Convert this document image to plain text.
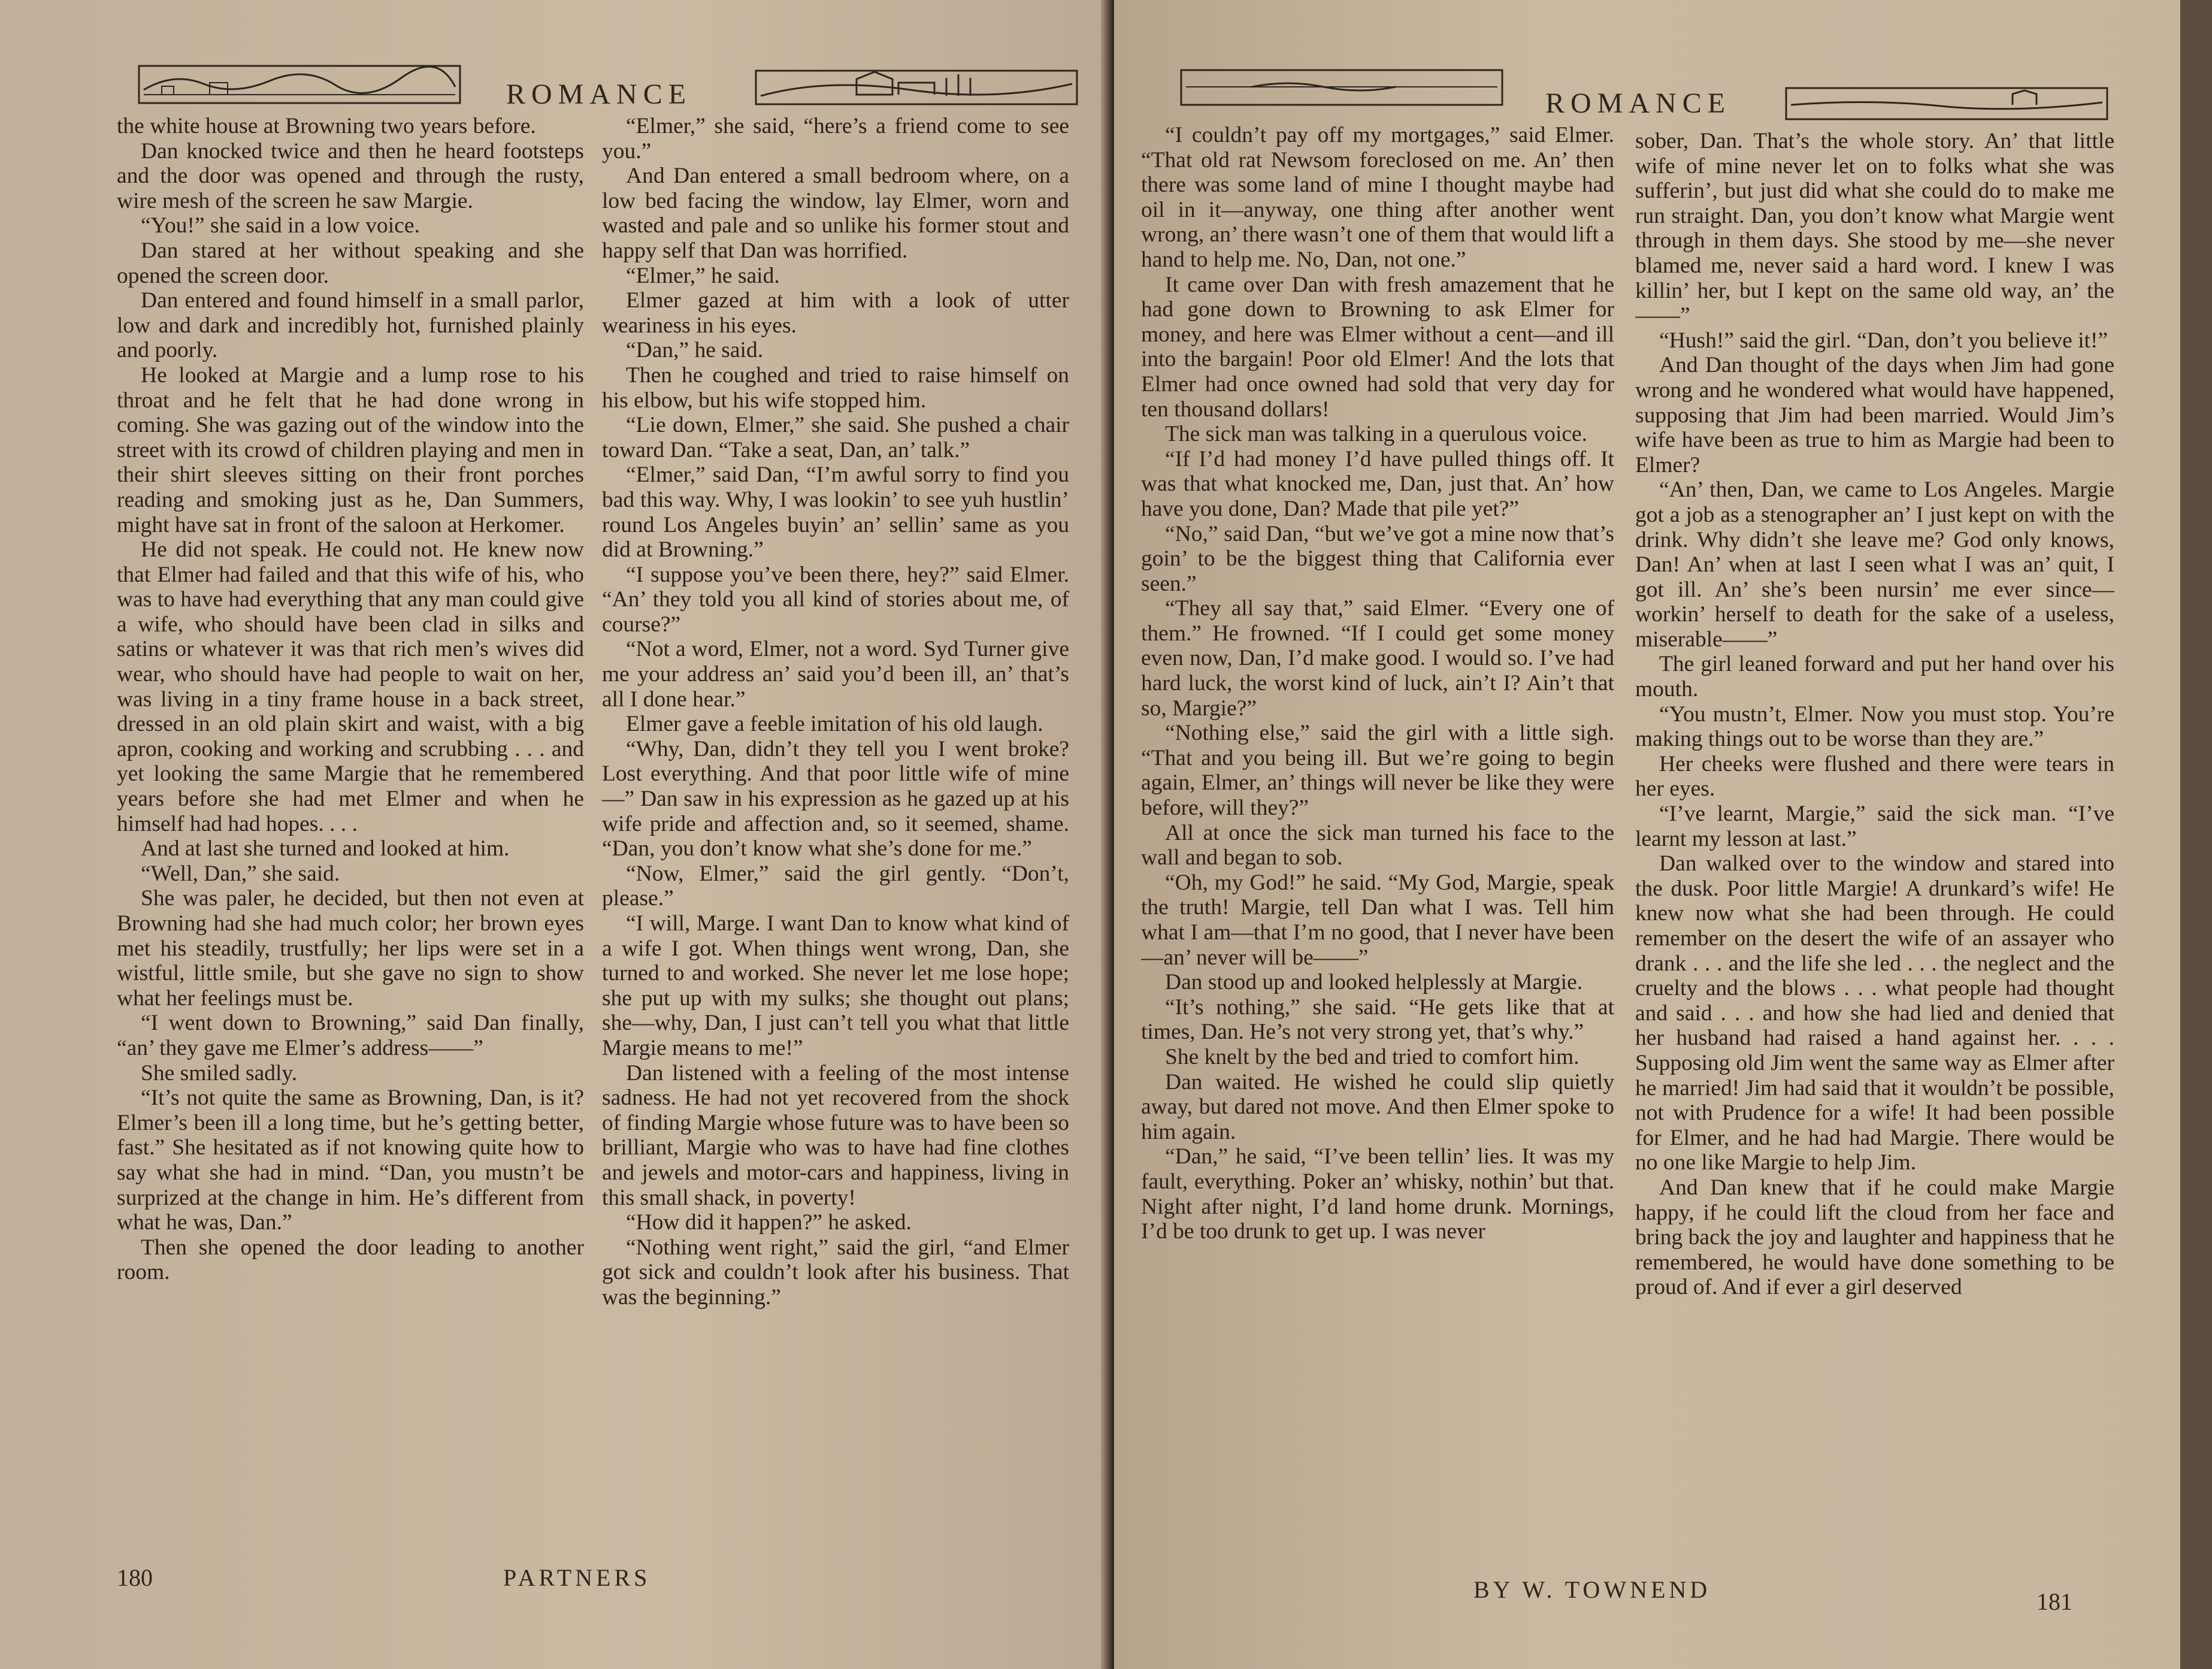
ROMANCE

the white house at Browning two years before.

Dan knocked twice and then he heard footsteps and the door was opened and through the rusty, wire mesh of the screen he saw Margie.

“You!” she said in a low voice.

Dan stared at her without speaking and she opened the screen door.

Dan entered and found himself in a small parlor, low and dark and incredibly hot, furnished plainly and poorly.

He looked at Margie and a lump rose to his throat and he felt that he had done wrong in coming. She was gazing out of the window into the street with its crowd of children playing and men in their shirt sleeves sitting on their front porches reading and smoking just as he, Dan Summers, might have sat in front of the saloon at Herkomer.

He did not speak. He could not. He knew now that Elmer had failed and that this wife of his, who was to have had everything that any man could give a wife, who should have been clad in silks and satins or whatever it was that rich men’s wives did wear, who should have had people to wait on her, was living in a tiny frame house in a back street, dressed in an old plain skirt and waist, with a big apron, cooking and working and scrubbing . . . and yet looking the same Margie that he remembered years before she had met Elmer and when he himself had had hopes. . . .

And at last she turned and looked at him.

“Well, Dan,” she said.

She was paler, he decided, but then not even at Browning had she had much color; her brown eyes met his steadily, trustfully; her lips were set in a wistful, little smile, but she gave no sign to show what her feelings must be.

“I went down to Browning,” said Dan finally, “an’ they gave me Elmer’s address——”

She smiled sadly.

“It’s not quite the same as Browning, Dan, is it? Elmer’s been ill a long time, but he’s getting better, fast.” She hesitated as if not knowing quite how to say what she had in mind. “Dan, you mustn’t be surprized at the change in him. He’s different from what he was, Dan.”

Then she opened the door leading to another room.

“Elmer,” she said, “here’s a friend come to see you.”

And Dan entered a small bedroom where, on a low bed facing the window, lay Elmer, worn and wasted and pale and so unlike his former stout and happy self that Dan was horrified.

“Elmer,” he said.

Elmer gazed at him with a look of utter weariness in his eyes.

“Dan,” he said.

Then he coughed and tried to raise himself on his elbow, but his wife stopped him.

“Lie down, Elmer,” she said. She pushed a chair toward Dan. “Take a seat, Dan, an’ talk.”

“Elmer,” said Dan, “I’m awful sorry to find you bad this way. Why, I was lookin’ to see yuh hustlin’ round Los Angeles buyin’ an’ sellin’ same as you did at Browning.”

“I suppose you’ve been there, hey?” said Elmer. “An’ they told you all kind of stories about me, of course?”

“Not a word, Elmer, not a word. Syd Turner give me your address an’ said you’d been ill, an’ that’s all I done hear.”

Elmer gave a feeble imitation of his old laugh.

“Why, Dan, didn’t they tell you I went broke? Lost everything. And that poor little wife of mine—” Dan saw in his expression as he gazed up at his wife pride and affection and, so it seemed, shame. “Dan, you don’t know what she’s done for me.”

“Now, Elmer,” said the girl gently. “Don’t, please.”

“I will, Marge. I want Dan to know what kind of a wife I got. When things went wrong, Dan, she turned to and worked. She never let me lose hope; she put up with my sulks; she thought out plans; she—why, Dan, I just can’t tell you what that little Margie means to me!”

Dan listened with a feeling of the most intense sadness. He had not yet recovered from the shock of finding Margie whose future was to have been so brilliant, Margie who was to have had fine clothes and jewels and motor-cars and happiness, living in this small shack, in poverty!

“How did it happen?” he asked.

“Nothing went right,” said the girl, “and Elmer got sick and couldn’t look after his business. That was the beginning.”

180	PARTNERS
ROMANCE

“I couldn’t pay off my mortgages,” said Elmer. “That old rat Newsom foreclosed on me. An’ then there was some land of mine I thought maybe had oil in it—anyway, one thing after another went wrong, an’ there wasn’t one of them that would lift a hand to help me. No, Dan, not one.”

It came over Dan with fresh amazement that he had gone down to Browning to ask Elmer for money, and here was Elmer without a cent—and ill into the bargain! Poor old Elmer! And the lots that Elmer had once owned had sold that very day for ten thousand dollars!

The sick man was talking in a querulous voice.

“If I’d had money I’d have pulled things off. It was that what knocked me, Dan, just that. An’ how have you done, Dan? Made that pile yet?”

“No,” said Dan, “but we’ve got a mine now that’s goin’ to be the biggest thing that California ever seen.”

“They all say that,” said Elmer. “Every one of them.” He frowned. “If I could get some money even now, Dan, I’d make good. I would so. I’ve had hard luck, the worst kind of luck, ain’t I? Ain’t that so, Margie?”

“Nothing else,” said the girl with a little sigh. “That and you being ill. But we’re going to begin again, Elmer, an’ things will never be like they were before, will they?”

All at once the sick man turned his face to the wall and began to sob.

“Oh, my God!” he said. “My God, Margie, speak the truth! Margie, tell Dan what I was. Tell him what I am—that I’m no good, that I never have been—an’ never will be——”

Dan stood up and looked helplessly at Margie.

“It’s nothing,” she said. “He gets like that at times, Dan. He’s not very strong yet, that’s why.”

She knelt by the bed and tried to comfort him.

Dan waited. He wished he could slip quietly away, but dared not move. And then Elmer spoke to him again.

“Dan,” he said, “I’ve been tellin’ lies. It was my fault, everything. Poker an’ whisky, nothin’ but that. Night after night, I’d land home drunk. Mornings, I’d be too drunk to get up. I was never

sober, Dan. That’s the whole story. An’ that little wife of mine never let on to folks what she was sufferin’, but just did what she could do to make me run straight. Dan, you don’t know what Margie went through in them days. She stood by me—she never blamed me, never said a hard word. I knew I was killin’ her, but I kept on the same old way, an’ the——”

“Hush!” said the girl. “Dan, don’t you believe it!”

And Dan thought of the days when Jim had gone wrong and he wondered what would have happened, supposing that Jim had been married. Would Jim’s wife have been as true to him as Margie had been to Elmer?

“An’ then, Dan, we came to Los Angeles. Margie got a job as a stenographer an’ I just kept on with the drink. Why didn’t she leave me? God only knows, Dan! An’ when at last I seen what I was an’ quit, I got ill. An’ she’s been nursin’ me ever since—workin’ herself to death for the sake of a useless, miserable——”

The girl leaned forward and put her hand over his mouth.

“You mustn’t, Elmer. Now you must stop. You’re making things out to be worse than they are.”

Her cheeks were flushed and there were tears in her eyes.

“I’ve learnt, Margie,” said the sick man. “I’ve learnt my lesson at last.”

Dan walked over to the window and stared into the dusk. Poor little Margie! A drunkard’s wife! He knew now what she had been through. He could remember on the desert the wife of an assayer who drank . . . and the life she led . . . the neglect and the cruelty and the blows . . . what people had thought and said . . . and how she had lied and denied that her husband had raised a hand against her. . . . Supposing old Jim went the same way as Elmer after he married! Jim had said that it wouldn’t be possible, not with Prudence for a wife! It had been possible for Elmer, and he had had Margie. There would be no one like Margie to help Jim.

And Dan knew that if he could make Margie happy, if he could lift the cloud from her face and bring back the joy and laughter and happiness that he remembered, he would have done something to be proud of. And if ever a girl deserved

BY W. TOWNEND	181
